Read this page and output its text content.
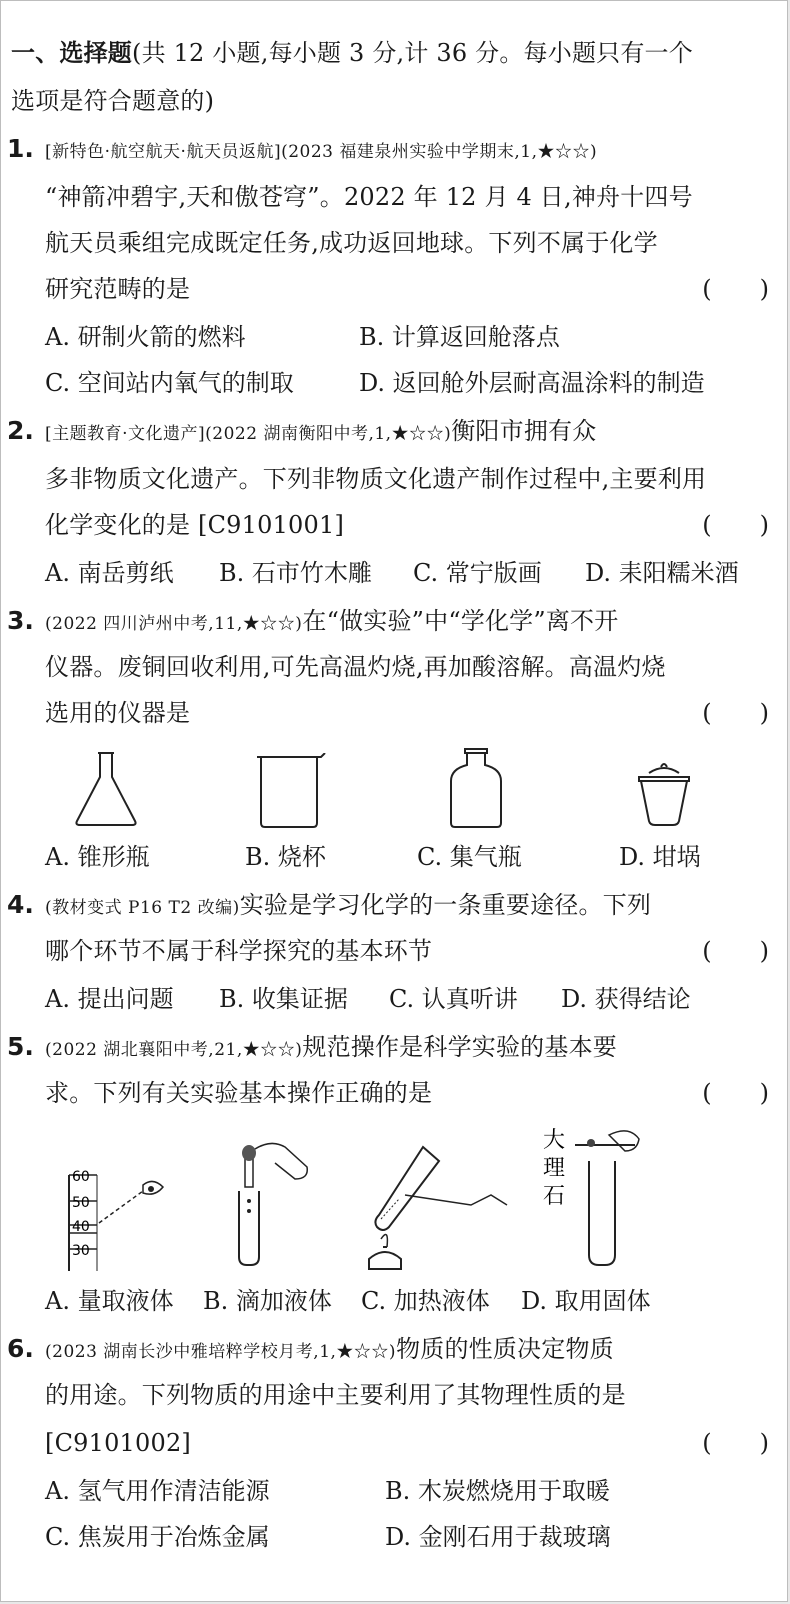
一、选择题(共 12 小题,每小题 3 分,计 36 分。每小题只有一个
选项是符合题意的)
1. [新特色·航空航天·航天员返航](2023 福建泉州实验中学期末,1,★☆☆)
“神箭冲碧宇,天和傲苍穹”。2022 年 12 月 4 日,神舟十四号
航天员乘组完成既定任务,成功返回地球。下列不属于化学
研究范畴的是	(　　)
A. 研制火箭的燃料	B. 计算返回舱落点
C. 空间站内氧气的制取	D. 返回舱外层耐高温涂料的制造
2. [主题教育·文化遗产](2022 湖南衡阳中考,1,★☆☆)衡阳市拥有众
多非物质文化遗产。下列非物质文化遗产制作过程中,主要利用
化学变化的是 [C9101001]	(　　)
A. 南岳剪纸 B. 石市竹木雕 C. 常宁版画 D. 耒阳糯米酒
3. (2022 四川泸州中考,11,★☆☆)在“做实验”中“学化学”离不开
仪器。废铜回收利用,可先高温灼烧,再加酸溶解。高温灼烧
选用的仪器是	(　　)
A. 锥形瓶	B. 烧杯	C. 集气瓶	D. 坩埚
4. (教材变式 P16 T2 改编)实验是学习化学的一条重要途径。下列
哪个环节不属于科学探究的基本环节	(　　)
A. 提出问题 B. 收集证据 C. 认真听讲 D. 获得结论
5. (2022 湖北襄阳中考,21,★☆☆)规范操作是科学实验的基本要
求。下列有关实验基本操作正确的是	(　　)
60
50
40
30
大
理
石
A. 量取液体 B. 滴加液体 C. 加热液体 D. 取用固体
6. (2023 湖南长沙中雅培粹学校月考,1,★☆☆)物质的性质决定物质
的用途。下列物质的用途中主要利用了其物理性质的是
[C9101002]	(　　)
A. 氢气用作清洁能源	B. 木炭燃烧用于取暖
C. 焦炭用于冶炼金属	D. 金刚石用于裁玻璃
